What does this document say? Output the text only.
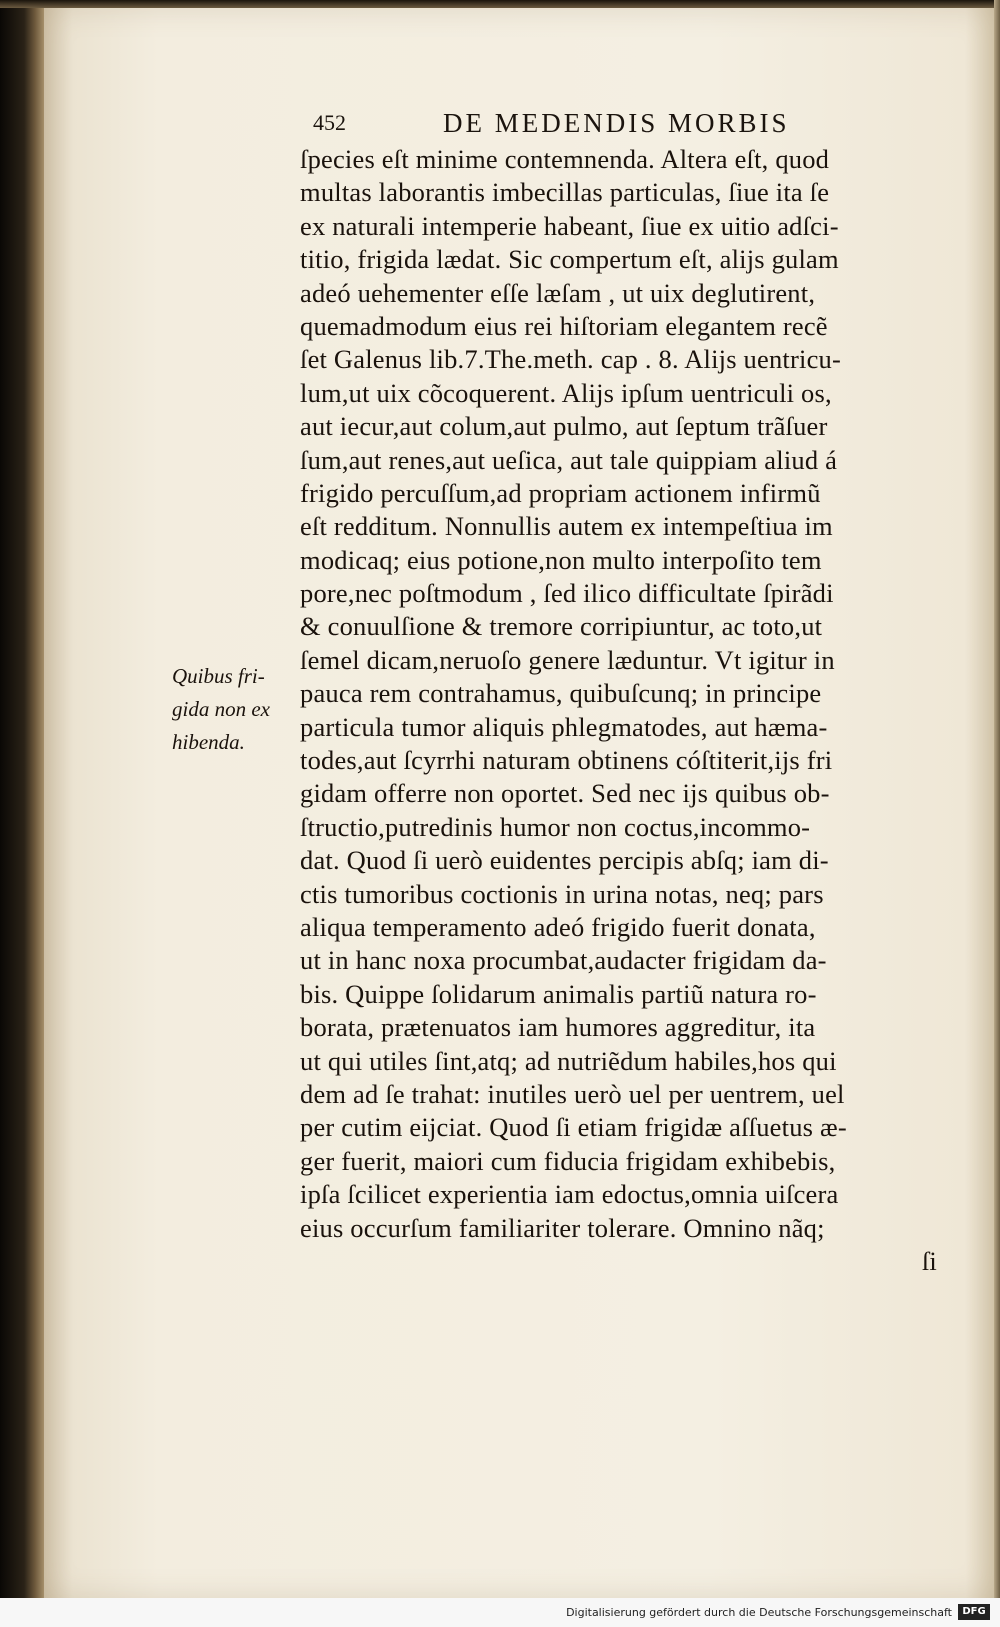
452	DE MEDENDIS MORBIS
ſpecies eſt minime contemnenda. Altera eſt, quod
multas laborantis imbecillas particulas, ſiue ita ſe
ex naturali intemperie habeant, ſiue ex uitio adſci-
titio, frigida lædat. Sic compertum eſt, aliјs gulam
adeó uehementer eſſe læſam , ut uix deglutirent,
quemadmodum eius rei hiſtoriam elegantem recẽ
ſet Galenus lib.7.The.meth. cap . 8. Aliјs uentricu-
lum,ut uix cõcoquerent. Aliјs ipſum uentriculi os,
aut iecur,aut colum,aut pulmo, aut ſeptum trãſuer
ſum,aut renes,aut ueſica, aut tale quippiam aliud á
frigido percuſſum,ad propriam actionem infirmũ
eſt redditum. Nonnullis autem ex intempeſtiua im
modicaq; eius potione,non multo interpoſito tem
pore,nec poſtmodum , ſed ilico difficultate ſpirãdi
& conuulſione & tremore corripiuntur, ac toto,ut
ſemel dicam,neruoſo genere læduntur. Vt igitur in
pauca rem contrahamus, quibuſcunq; in principe
particula tumor aliquis phlegmatodes, aut hæma-
todes,aut ſcyrrhi naturam obtinens cóſtiterit,iјs fri
gidam offerre non oportet. Sed nec iјs quibus ob-
ſtructio,putredinis humor non coctus,incommo-
dat. Quod ſi uerò euidentes percipis abſq; iam di-
ctis tumoribus coctionis in urina notas, neq; pars
aliqua temperamento adeó frigido fuerit donata,
ut in hanc noxa procumbat,audacter frigidam da-
bis. Quippe ſolidarum animalis partiũ natura ro-
borata, prætenuatos iam humores aggreditur, ita
ut qui utiles ſint,atq; ad nutriẽdum habiles,hos qui
dem ad ſe trahat: inutiles uerò uel per uentrem, uel
per cutim eiјciat. Quod ſi etiam frigidæ aſſuetus æ-
ger fuerit, maiori cum fiducia frigidam exhibebis,
ipſa ſcilicet experientia iam edoctus,omnia uiſcera
eius occurſum familiariter tolerare. Omnino nãq;
ſi
Quibus fri-
gida non ex
hibenda.
Digitalisierung gefördert durch die Deutsche Forschungsgemeinschaft	DFG
